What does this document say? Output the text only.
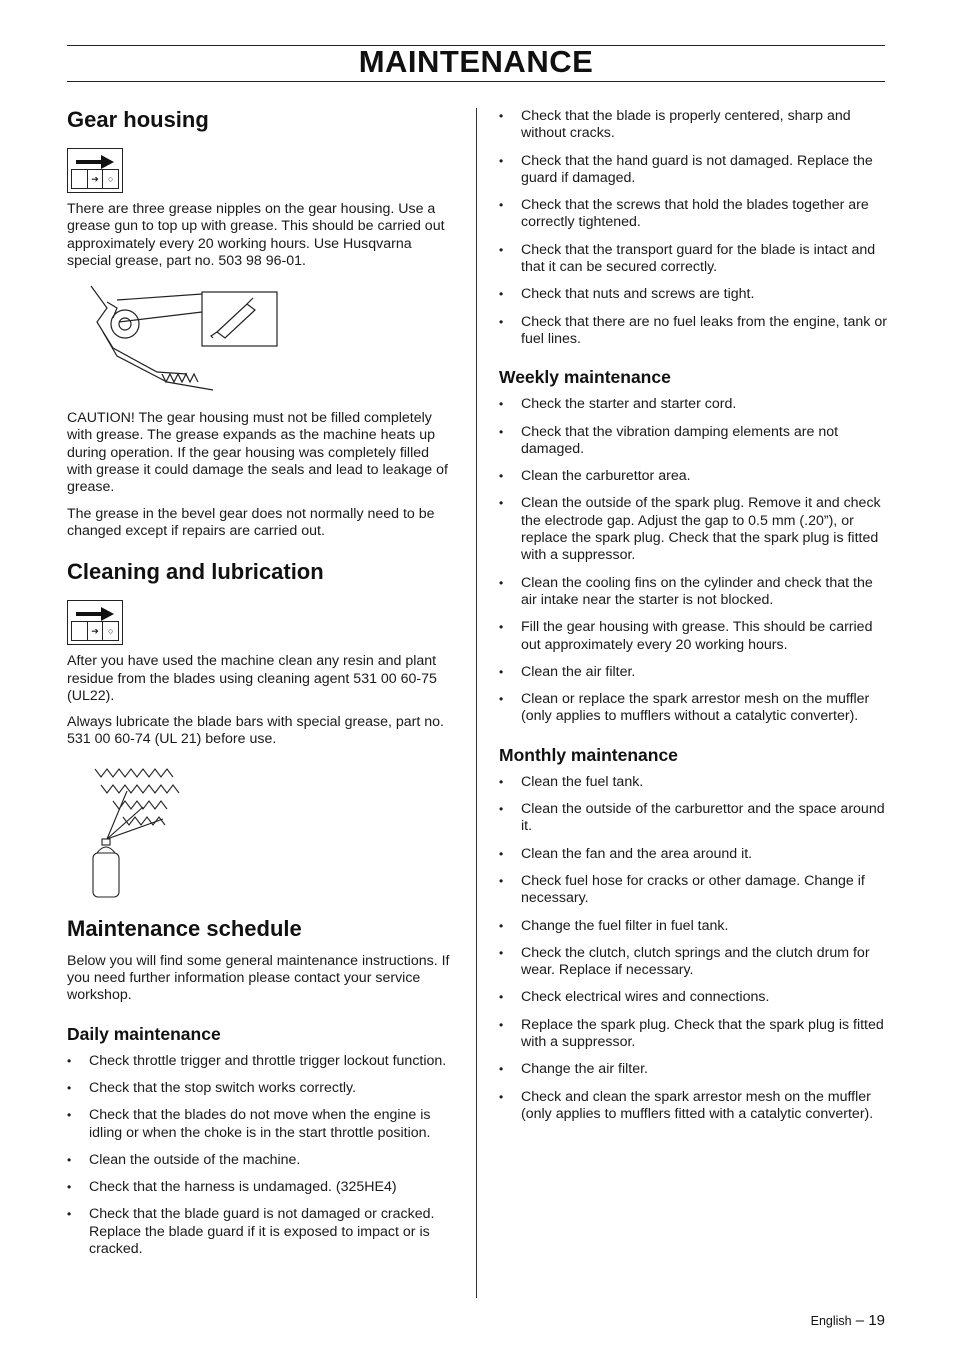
MAINTENANCE
Gear housing
➔	○

There are three grease nipples on the gear housing. Use a grease gun to top up with grease. This should be carried out approximately every 20 working hours. Use Husqvarna special grease, part no. 503 98 96-01.

CAUTION! The gear housing must not be filled completely with grease. The grease expands as the machine heats up during operation. If the gear housing was completely filled with grease it could damage the seals and lead to leakage of grease.

The grease in the bevel gear does not normally need to be changed except if repairs are carried out.

Cleaning and lubrication
➔	○

After you have used the machine clean any resin and plant residue from the blades using cleaning agent 531 00 60-75 (UL22).

Always lubricate the blade bars with special grease, part no. 531 00 60-74 (UL 21) before use.

Maintenance schedule

Below you will find some general maintenance instructions. If you need further information please contact your service workshop.

Daily maintenance
• Check throttle trigger and throttle trigger lockout function.
• Check that the stop switch works correctly.
• Check that the blades do not move when the engine is idling or when the choke is in the start throttle position.
• Clean the outside of the machine.
• Check that the harness is undamaged. (325HE4)
• Check that the blade guard is not damaged or cracked. Replace the blade guard if it is exposed to impact or is cracked.
• Check that the blade is properly centered, sharp and without cracks.
• Check that the hand guard is not damaged. Replace the guard if damaged.
• Check that the screws that hold the blades together are correctly tightened.
• Check that the transport guard for the blade is intact and that it can be secured correctly.
• Check that nuts and screws are tight.
• Check that there are no fuel leaks from the engine, tank or fuel lines.
Weekly maintenance
• Check the starter and starter cord.
• Check that the vibration damping elements are not damaged.
• Clean the carburettor area.
• Clean the outside of the spark plug. Remove it and check the electrode gap. Adjust the gap to 0.5 mm (.20”), or replace the spark plug. Check that the spark plug is fitted with a suppressor.
• Clean the cooling fins on the cylinder and check that the air intake near the starter is not blocked.
• Fill the gear housing with grease. This should be carried out approximately every 20 working hours.
• Clean the air filter.
• Clean or replace the spark arrestor mesh on the muffler (only applies to mufflers without a catalytic converter).
Monthly maintenance
• Clean the fuel tank.
• Clean the outside of the carburettor and the space around it.
• Clean the fan and the area around it.
• Check fuel hose for cracks or other damage. Change if necessary.
• Change the fuel filter in fuel tank.
• Check the clutch, clutch springs and the clutch drum for wear. Replace if necessary.
• Check electrical wires and connections.
• Replace the spark plug. Check that the spark plug is fitted with a suppressor.
• Change the air filter.
• Check and clean the spark arrestor mesh on the muffler (only applies to mufflers fitted with a catalytic converter).
English – 19
